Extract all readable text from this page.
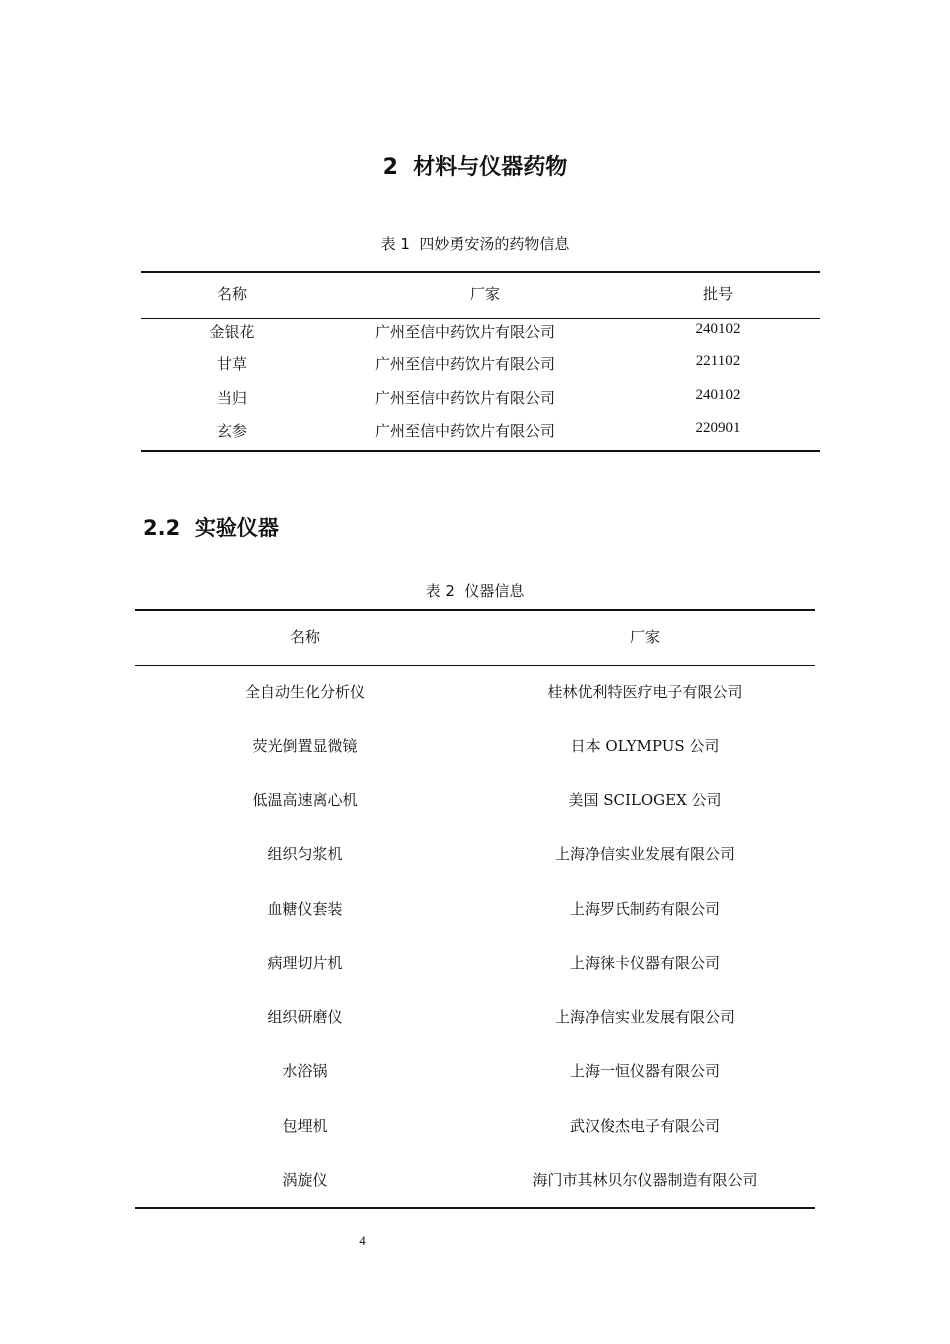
2  材料与仪器药物
表 1  四妙勇安汤的药物信息
名称	厂家	批号
金银花	广州至信中药饮片有限公司	240102
甘草	广州至信中药饮片有限公司	221102
当归	广州至信中药饮片有限公司	240102
玄参	广州至信中药饮片有限公司	220901
2.2  实验仪器
表 2  仪器信息
名称	厂家
全自动生化分析仪	桂林优利特医疗电子有限公司
荧光倒置显微镜	日本 OLYMPUS 公司
低温高速离心机	美国 SCILOGEX 公司
组织匀浆机	上海净信实业发展有限公司
血糖仪套装	上海罗氏制药有限公司
病理切片机	上海徕卡仪器有限公司
组织研磨仪	上海净信实业发展有限公司
水浴锅	上海一恒仪器有限公司
包埋机	武汉俊杰电子有限公司
涡旋仪	海门市其林贝尔仪器制造有限公司
4
